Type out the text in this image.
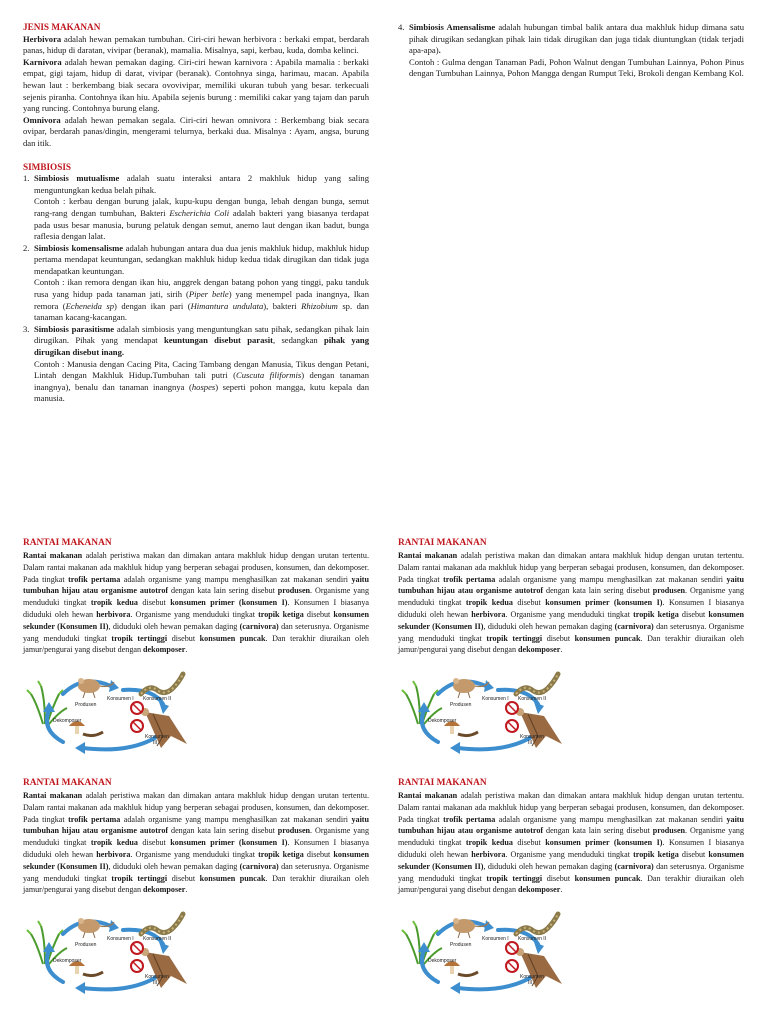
JENIS MAKANAN

Herbivora adalah hewan pemakan tumbuhan. Ciri-ciri hewan herbivora : berkaki empat, berdarah panas, hidup di daratan, vivipar (beranak), mamalia. Misalnya, sapi, kerbau, kuda, domba kelinci.

Karnivora adalah hewan pemakan daging. Ciri-ciri hewan karnivora : Apabila mamalia : berkaki empat, gigi tajam, hidup di darat, vivipar (beranak). Contohnya singa, harimau, macan. Apabila hewan laut : berkembang biak secara ovovivipar, memiliki ukuran tubuh yang besar. terkecuali sejenis piranha. Contohnya ikan hiu. Apabila sejenis burung : memiliki cakar yang tajam dan paruh yang runcing. Contohnya burung elang.

Omnivora adalah hewan pemakan segala. Ciri-ciri hewan omnivora : Berkembang biak secara ovipar, berdarah panas/dingin, mengerami telurnya, berkaki dua. Misalnya : Ayam, angsa, burung dan itik.

SIMBIOSIS

1. Simbiosis mutualisme adalah suatu interaksi antara 2 makhluk hidup yang saling menguntungkan kedua belah pihak.
Contoh : kerbau dengan burung jalak, kupu-kupu dengan bunga, lebah dengan bunga, semut rang-rang dengan tumbuhan, Bakteri Escherichia Coli adalah bakteri yang biasanya terdapat pada usus besar manusia, burung pelatuk dengan semut, anemo laut dengan ikan badut, bunga raflesia dengan lalat.
2. Simbiosis komensalisme adalah hubungan antara dua dua jenis makhluk hidup, makhluk hidup pertama mendapat keuntungan, sedangkan makhluk hidup kedua tidak dirugikan dan tidak juga mendapatkan keuntungan.
Contoh : ikan remora dengan ikan hiu, anggrek dengan batang pohon yang tinggi, paku tanduk rusa yang hidup pada tanaman jati, sirih (Piper betle) yang menempel pada inangnya, Ikan remora (Echeneida sp) dengan ikan pari (Himantura undulata), bakteri Rhizobium sp. dan tanaman kacang-kacangan.
3. Simbiosis parasitisme adalah simbiosis yang menguntungkan satu pihak, sedangkan pihak lain dirugikan. Pihak yang mendapat keuntungan disebut parasit, sedangkan pihak yang dirugikan disebut inang.
Contoh : Manusia dengan Cacing Pita, Cacing Tambang dengan Manusia, Tikus dengan Petani, Lintah dengan Makhluk Hidup.Tumbuhan tali putri (Cuscuta filiformis) dengan tanaman inangnya), benalu dan tanaman inangnya (hospes) seperti pohon mangga, kutu kepala dan manusia.
4. Simbiosis Amensalisme adalah hubungan timbal balik antara dua makhluk hidup dimana satu pihak dirugikan sedangkan pihak lain tidak dirugikan dan juga tidak diuntungkan (tidak terjadi apa-apa).
Contoh : Gulma dengan Tanaman Padi, Pohon Walnut dengan Tumbuhan Lainnya, Pohon Pinus dengan Tumbuhan Lainnya, Pohon Mangga dengan Rumput Teki, Brokoli dengan Kembang Kol.

RANTAI MAKANAN

Rantai makanan adalah peristiwa makan dan dimakan antara makhluk hidup dengan urutan tertentu. Dalam rantai makanan ada makhluk hidup yang berperan sebagai produsen, konsumen, dan dekomposer. Pada tingkat trofik pertama adalah organisme yang mampu menghasilkan zat makanan sendiri yaitu tumbuhan hijau atau organisme autotrof dengan kata lain sering disebut produsen. Organisme yang menduduki tingkat tropik kedua disebut konsumen primer (konsumen I). Konsumen I biasanya diduduki oleh hewan herbivora. Organisme yang menduduki tingkat tropik ketiga disebut konsumen sekunder (Konsumen II), diduduki oleh hewan pemakan daging (carnivora) dan seterusnya. Organisme yang menduduki tingkat tropik tertinggi disebut konsumen puncak. Dan terakhir diuraikan oleh jamur/pengurai yang disebut dengan dekomposer.

Produsen
Konsumen I Konsumen II
Konsumen
III
Dekomposer

RANTAI MAKANAN

Rantai makanan adalah peristiwa makan dan dimakan antara makhluk hidup dengan urutan tertentu. Dalam rantai makanan ada makhluk hidup yang berperan sebagai produsen, konsumen, dan dekomposer. Pada tingkat trofik pertama adalah organisme yang mampu menghasilkan zat makanan sendiri yaitu tumbuhan hijau atau organisme autotrof dengan kata lain sering disebut produsen. Organisme yang menduduki tingkat tropik kedua disebut konsumen primer (konsumen I). Konsumen I biasanya diduduki oleh hewan herbivora. Organisme yang menduduki tingkat tropik ketiga disebut konsumen sekunder (Konsumen II), diduduki oleh hewan pemakan daging (carnivora) dan seterusnya. Organisme yang menduduki tingkat tropik tertinggi disebut konsumen puncak. Dan terakhir diuraikan oleh jamur/pengurai yang disebut dengan dekomposer.

Produsen
Konsumen I Konsumen II
Konsumen
III
Dekomposer

RANTAI MAKANAN

Rantai makanan adalah peristiwa makan dan dimakan antara makhluk hidup dengan urutan tertentu. Dalam rantai makanan ada makhluk hidup yang berperan sebagai produsen, konsumen, dan dekomposer. Pada tingkat trofik pertama adalah organisme yang mampu menghasilkan zat makanan sendiri yaitu tumbuhan hijau atau organisme autotrof dengan kata lain sering disebut produsen. Organisme yang menduduki tingkat tropik kedua disebut konsumen primer (konsumen I). Konsumen I biasanya diduduki oleh hewan herbivora. Organisme yang menduduki tingkat tropik ketiga disebut konsumen sekunder (Konsumen II), diduduki oleh hewan pemakan daging (carnivora) dan seterusnya. Organisme yang menduduki tingkat tropik tertinggi disebut konsumen puncak. Dan terakhir diuraikan oleh jamur/pengurai yang disebut dengan dekomposer.

Produsen
Konsumen I Konsumen II
Konsumen
III
Dekomposer

RANTAI MAKANAN

Rantai makanan adalah peristiwa makan dan dimakan antara makhluk hidup dengan urutan tertentu. Dalam rantai makanan ada makhluk hidup yang berperan sebagai produsen, konsumen, dan dekomposer. Pada tingkat trofik pertama adalah organisme yang mampu menghasilkan zat makanan sendiri yaitu tumbuhan hijau atau organisme autotrof dengan kata lain sering disebut produsen. Organisme yang menduduki tingkat tropik kedua disebut konsumen primer (konsumen I). Konsumen I biasanya diduduki oleh hewan herbivora. Organisme yang menduduki tingkat tropik ketiga disebut konsumen sekunder (Konsumen II), diduduki oleh hewan pemakan daging (carnivora) dan seterusnya. Organisme yang menduduki tingkat tropik tertinggi disebut konsumen puncak. Dan terakhir diuraikan oleh jamur/pengurai yang disebut dengan dekomposer.

Produsen
Konsumen I Konsumen II
Konsumen
III
Dekomposer
